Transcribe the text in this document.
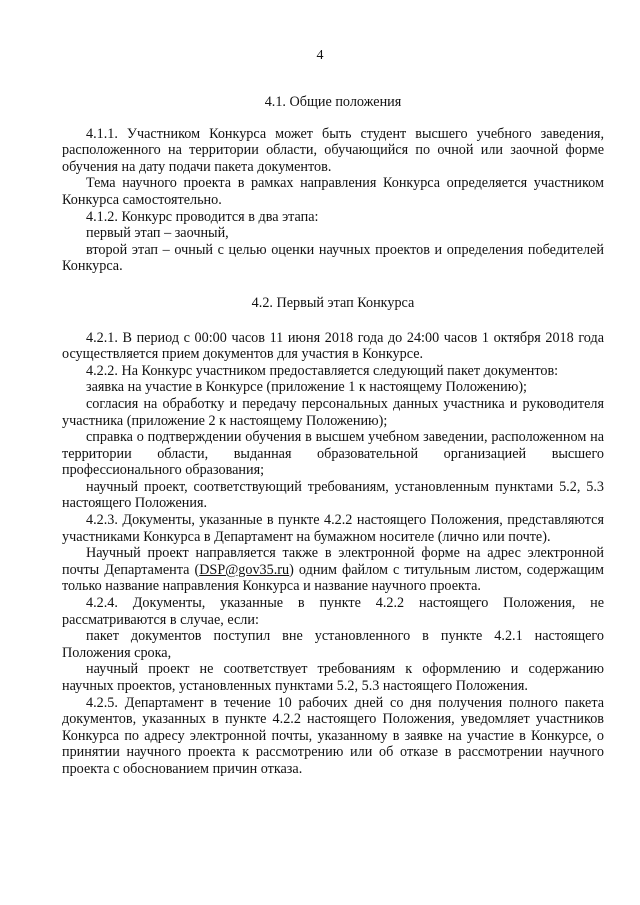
4

4.1. Общие положения

4.1.1. Участником Конкурса может быть студент высшего учебного заведения, расположенного на территории области, обучающийся по очной или заочной форме обучения на дату подачи пакета документов.

Тема научного проекта в рамках направления Конкурса определяется участником Конкурса самостоятельно.

4.1.2. Конкурс проводится в два этапа:

первый этап – заочный,

второй этап – очный с целью оценки научных проектов и определения победителей Конкурса.

4.2. Первый этап Конкурса

4.2.1. В период с 00:00 часов 11 июня 2018 года до 24:00 часов 1 октября 2018 года осуществляется прием документов для участия в Конкурсе.

4.2.2. На Конкурс участником предоставляется следующий пакет документов:

заявка на участие в Конкурсе (приложение 1 к настоящему Положению);

согласия на обработку и передачу персональных данных участника и руководителя участника (приложение 2 к настоящему Положению);

справка о подтверждении обучения в высшем учебном заведении, расположенном на территории области, выданная образовательной организацией высшего профессионального образования;

научный проект, соответствующий требованиям, установленным пунктами 5.2, 5.3 настоящего Положения.

4.2.3. Документы, указанные в пункте 4.2.2 настоящего Положения, представляются участниками Конкурса в Департамент на бумажном носителе (лично или почте).

Научный проект направляется также в электронной форме на адрес электронной почты Департамента (DSP@gov35.ru) одним файлом с титульным листом, содержащим только название направления Конкурса и название научного проекта.

4.2.4. Документы, указанные в пункте 4.2.2 настоящего Положения, не рассматриваются в случае, если:

пакет документов поступил вне установленного в пункте 4.2.1 настоящего Положения срока,

научный проект не соответствует требованиям к оформлению и содержанию научных проектов, установленных пунктами 5.2, 5.3 настоящего Положения.

4.2.5. Департамент в течение 10 рабочих дней со дня получения полного пакета документов, указанных в пункте 4.2.2 настоящего Положения, уведомляет участников Конкурса по адресу электронной почты, указанному в заявке на участие в Конкурсе, о принятии научного проекта к рассмотрению или об отказе в рассмотрении научного проекта с обоснованием причин отказа.
